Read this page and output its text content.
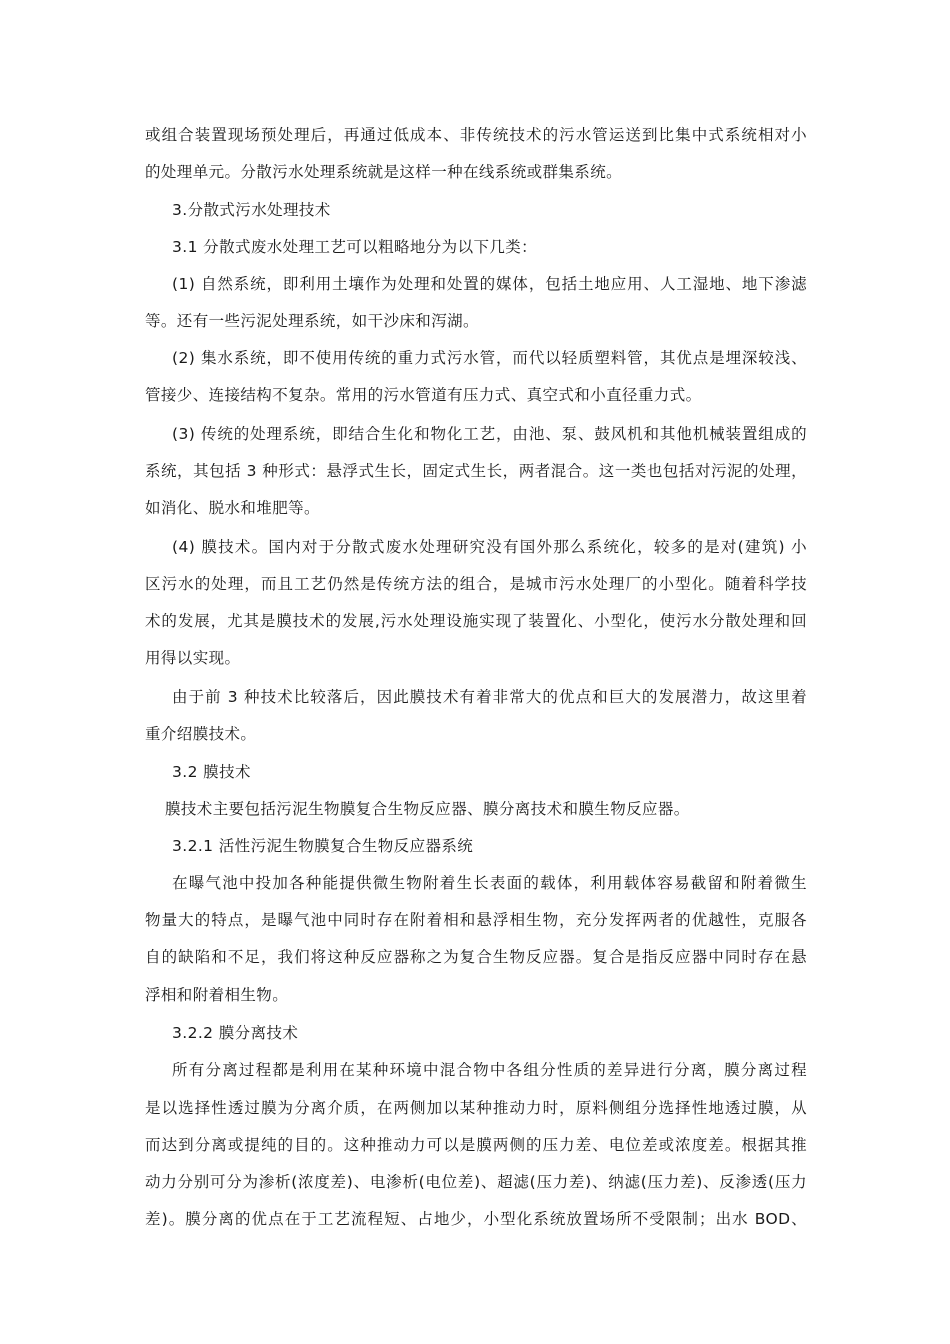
或组合装置现场预处理后，再通过低成本、非传统技术的污水管运送到比集中式系统相对小
的处理单元。分散污水处理系统就是这样一种在线系统或群集系统。
3.分散式污水处理技术
3.1 分散式废水处理工艺可以粗略地分为以下几类：
(1) 自然系统，即利用土壤作为处理和处置的媒体，包括土地应用、人工湿地、地下渗滤
等。还有一些污泥处理系统，如干沙床和泻湖。
(2) 集水系统，即不使用传统的重力式污水管，而代以轻质塑料管，其优点是埋深较浅、
管接少、连接结构不复杂。常用的污水管道有压力式、真空式和小直径重力式。
(3) 传统的处理系统，即结合生化和物化工艺，由池、泵、鼓风机和其他机械装置组成的
系统，其包括 3 种形式：悬浮式生长，固定式生长，两者混合。这一类也包括对污泥的处理，
如消化、脱水和堆肥等。
(4) 膜技术。国内对于分散式废水处理研究没有国外那么系统化，较多的是对(建筑) 小
区污水的处理，而且工艺仍然是传统方法的组合，是城市污水处理厂的小型化。随着科学技
术的发展，尤其是膜技术的发展,污水处理设施实现了装置化、小型化，使污水分散处理和回
用得以实现。
由于前 3 种技术比较落后，因此膜技术有着非常大的优点和巨大的发展潜力，故这里着
重介绍膜技术。
3.2 膜技术
膜技术主要包括污泥生物膜复合生物反应器、膜分离技术和膜生物反应器。
3.2.1 活性污泥生物膜复合生物反应器系统
在曝气池中投加各种能提供微生物附着生长表面的载体，利用载体容易截留和附着微生
物量大的特点，是曝气池中同时存在附着相和悬浮相生物，充分发挥两者的优越性，克服各
自的缺陷和不足，我们将这种反应器称之为复合生物反应器。复合是指反应器中同时存在悬
浮相和附着相生物。
3.2.2 膜分离技术
所有分离过程都是利用在某种环境中混合物中各组分性质的差异进行分离，膜分离过程
是以选择性透过膜为分离介质，在两侧加以某种推动力时，原料侧组分选择性地透过膜，从
而达到分离或提纯的目的。这种推动力可以是膜两侧的压力差、电位差或浓度差。根据其推
动力分别可分为渗析(浓度差)、电渗析(电位差)、超滤(压力差)、纳滤(压力差)、反渗透(压力
差)。膜分离的优点在于工艺流程短、占地少，小型化系统放置场所不受限制；出水 BOD、
